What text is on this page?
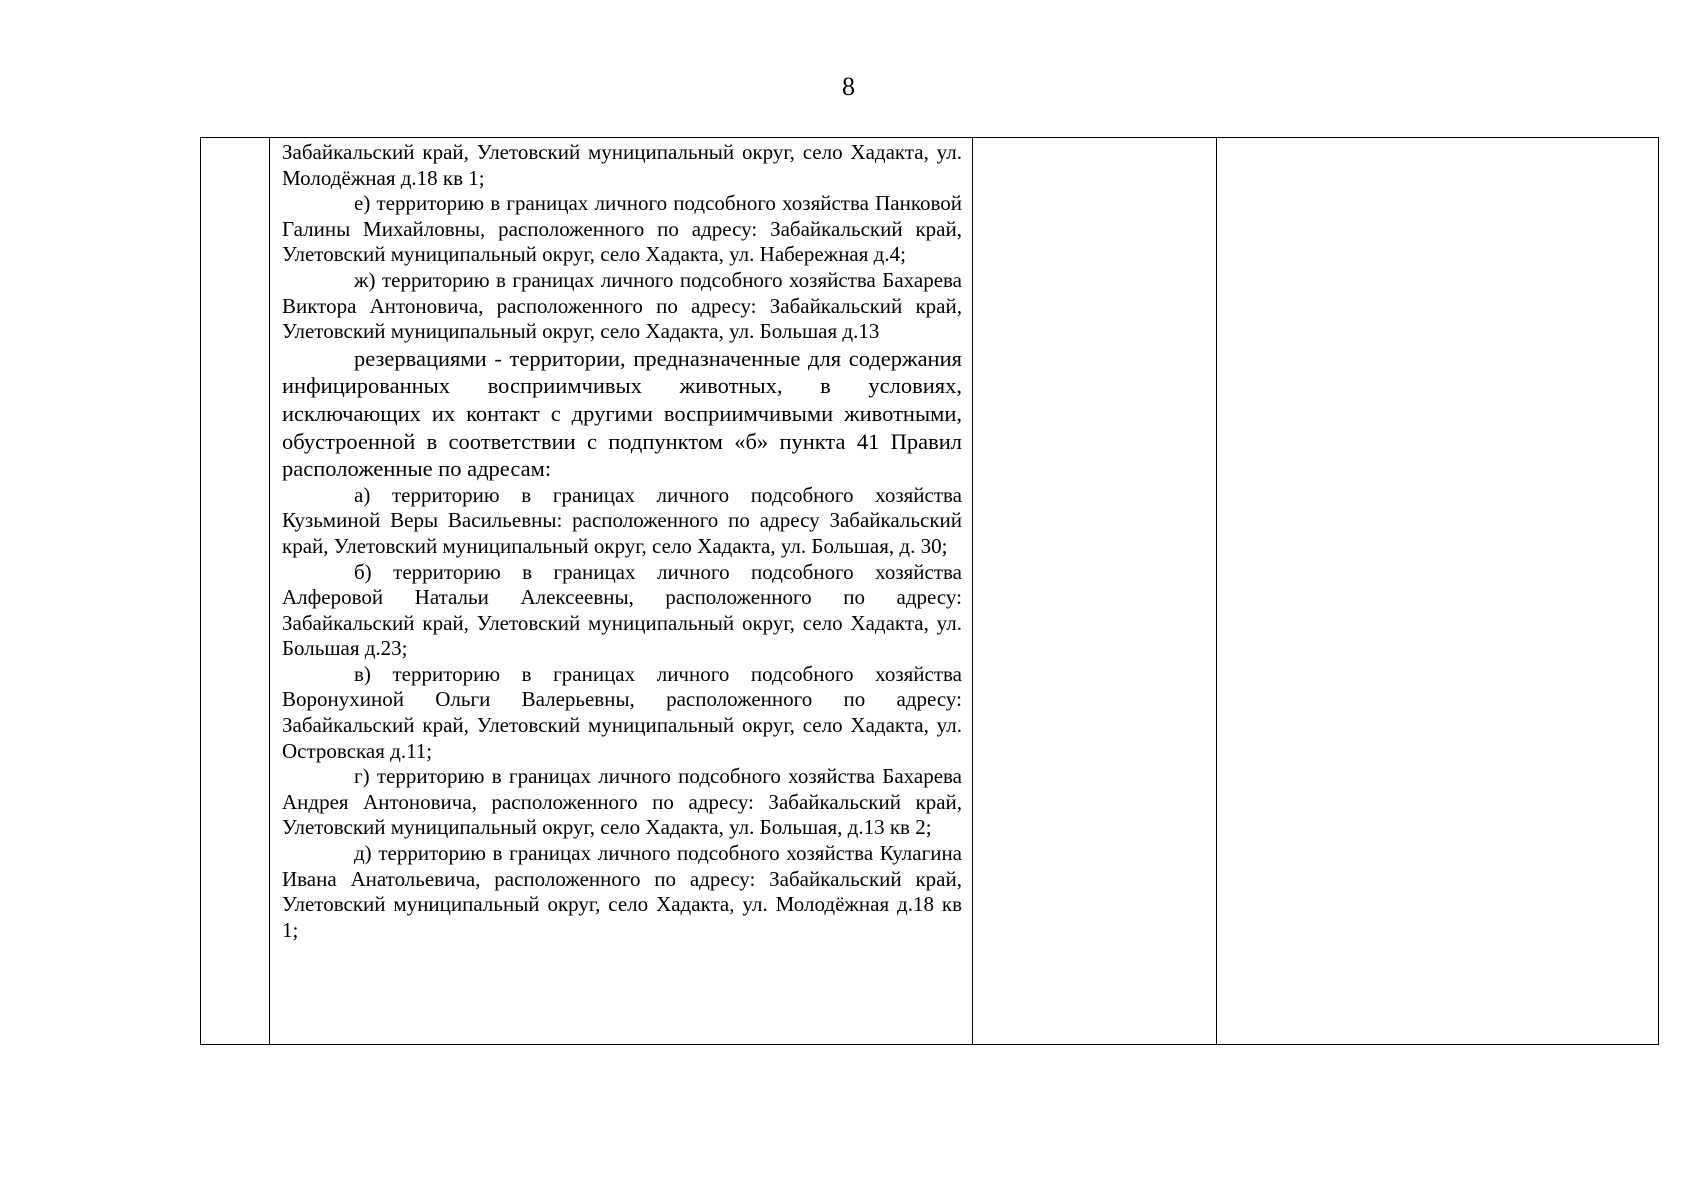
8

Забайкальский край, Улетовский муниципальный округ, село Хадакта, ул. Молодёжная д.18 кв 1;

е) территорию в границах личного подсобного хозяйства Панковой Галины Михайловны, расположенного по адресу: Забайкальский край, Улетовский муниципальный округ, село Хадакта, ул. Набережная д.4;

ж) территорию в границах личного подсобного хозяйства Бахарева Виктора Антоновича, расположенного по адресу: Забайкальский край, Улетовский муниципальный округ, село Хадакта, ул. Большая д.13

резервациями - территории, предназначенные для содержания инфицированных восприимчивых животных, в условиях, исключающих их контакт с другими восприимчивыми животными, обустроенной в соответствии с подпунктом «б» пункта 41 Правил расположенные по адресам:

а) территорию в границах личного подсобного хозяйства Кузьминой Веры Васильевны: расположенного по адресу Забайкальский край, Улетовский муниципальный округ, село Хадакта, ул. Большая, д. 30;

б) территорию в границах личного подсобного хозяйства Алферовой Натальи Алексеевны, расположенного по адресу: Забайкальский край, Улетовский муниципальный округ, село Хадакта, ул. Большая д.23;

в) территорию в границах личного подсобного хозяйства Воронухиной Ольги Валерьевны, расположенного по адресу: Забайкальский край, Улетовский муниципальный округ, село Хадакта, ул. Островская д.11;

г) территорию в границах личного подсобного хозяйства Бахарева Андрея Антоновича, расположенного по адресу: Забайкальский край, Улетовский муниципальный округ, село Хадакта, ул. Большая, д.13 кв 2;

д) территорию в границах личного подсобного хозяйства Кулагина Ивана Анатольевича, расположенного по адресу: Забайкальский край, Улетовский муниципальный округ, село Хадакта, ул. Молодёжная д.18 кв 1;
